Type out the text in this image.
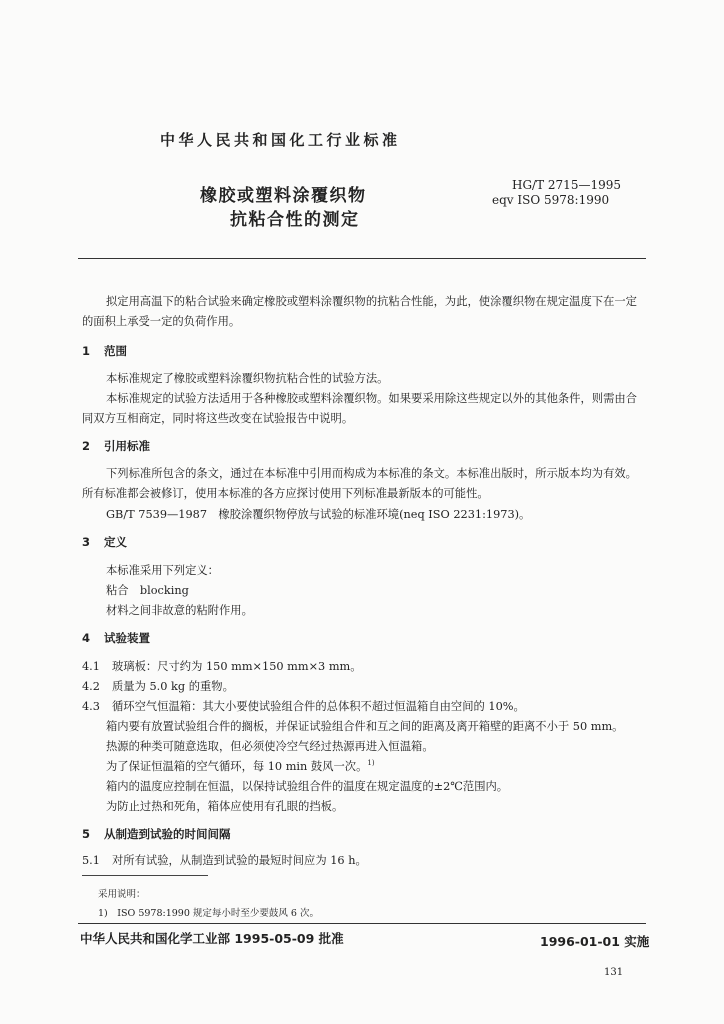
中华人民共和国化工行业标准
橡胶或塑料涂覆织物
抗粘合性的测定
HG/T 2715—1995
eqv ISO 5978:1990
拟定用高温下的粘合试验来确定橡胶或塑料涂覆织物的抗粘合性能，为此，使涂覆织物在规定温度下在一定的面积上承受一定的负荷作用。
1 范围
本标准规定了橡胶或塑料涂覆织物抗粘合性的试验方法。
本标准规定的试验方法适用于各种橡胶或塑料涂覆织物。如果要采用除这些规定以外的其他条件，则需由合同双方互相商定，同时将这些改变在试验报告中说明。
2 引用标准
下列标准所包含的条文，通过在本标准中引用而构成为本标准的条文。本标准出版时，所示版本均为有效。所有标准都会被修订，使用本标准的各方应探讨使用下列标准最新版本的可能性。
GB/T 7539—1987　橡胶涂覆织物停放与试验的标准环境(neq ISO 2231:1973)。
3 定义
本标准采用下列定义：
粘合　blocking
材料之间非故意的粘附作用。
4 试验装置
4.1 玻璃板：尺寸约为 150 mm×150 mm×3 mm。
4.2 质量为 5.0 kg 的重物。
4.3 循环空气恒温箱：其大小要使试验组合件的总体积不超过恒温箱自由空间的 10%。
箱内要有放置试验组合件的搁板，并保证试验组合件和互之间的距离及离开箱壁的距离不小于 50 mm。
热源的种类可随意选取，但必须使冷空气经过热源再进入恒温箱。
为了保证恒温箱的空气循环，每 10 min 鼓风一次。$^{1)}$
箱内的温度应控制在恒温，以保持试验组合件的温度在规定温度的±2℃范围内。
为防止过热和死角，箱体应使用有孔眼的挡板。
5 从制造到试验的时间间隔
5.1 对所有试验，从制造到试验的最短时间应为 16 h。
采用说明：
1)　ISO 5978:1990 规定每小时至少要鼓风 6 次。
中华人民共和国化学工业部 1995-05-09 批准	1996-01-01 实施
131
